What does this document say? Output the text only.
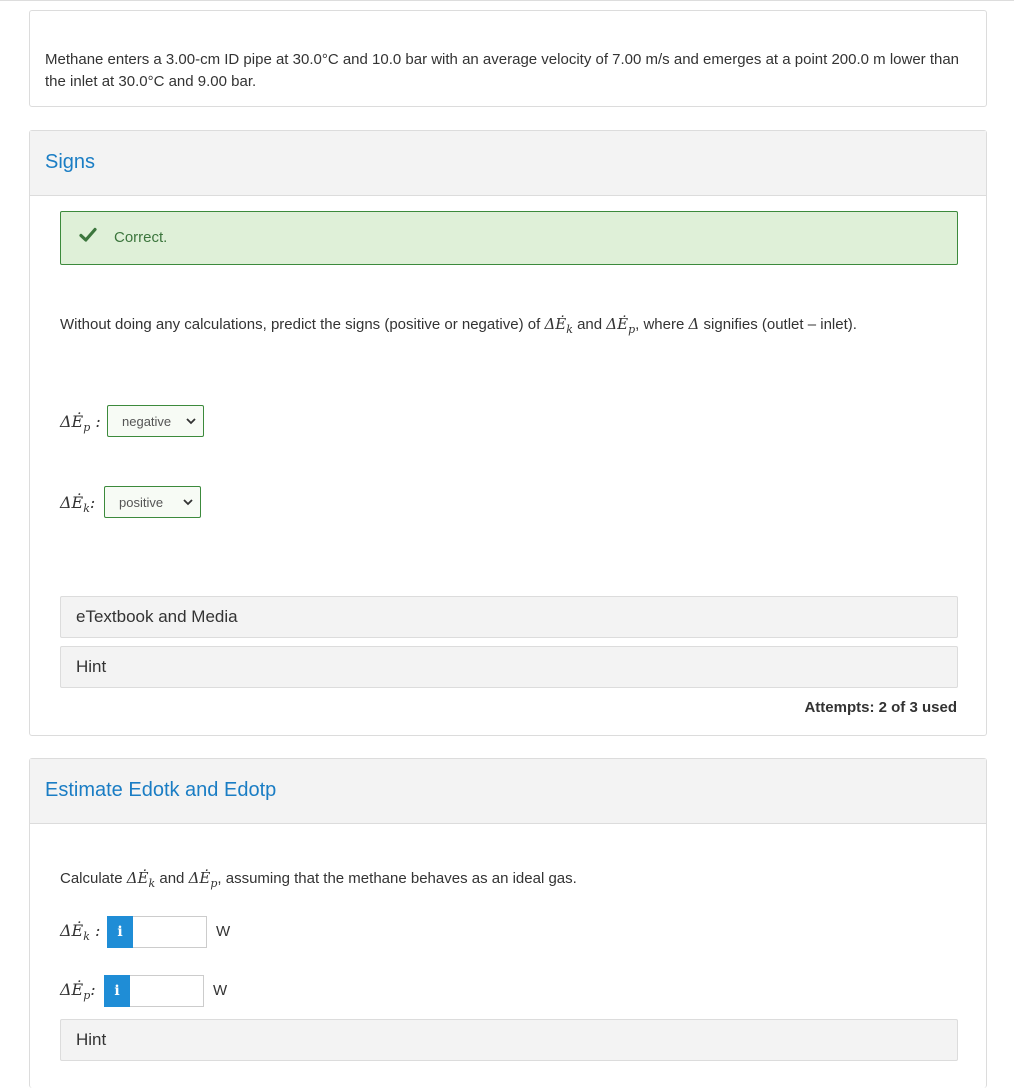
Methane enters a 3.00-cm ID pipe at 30.0°C and 10.0 bar with an average velocity of 7.00 m/s and emerges at a point 200.0 m lower than the inlet at 30.0°C and 9.00 bar.
Signs
Correct.
Without doing any calculations, predict the signs (positive or negative) of $\Delta Ė_k$ and $\Delta Ė_p$, where Δ signifies (outlet – inlet).
$\Delta Ė_p$ : negative
$\Delta Ė_k$: positive
eTextbook and Media
Hint
Attempts: 2 of 3 used
Estimate Edotk and Edotp
Calculate $\Delta Ė_k$ and $\Delta Ė_p$, assuming that the methane behaves as an ideal gas.
$\Delta Ė_k$ :	i	W
$\Delta Ė_p$:	i	W
Hint
